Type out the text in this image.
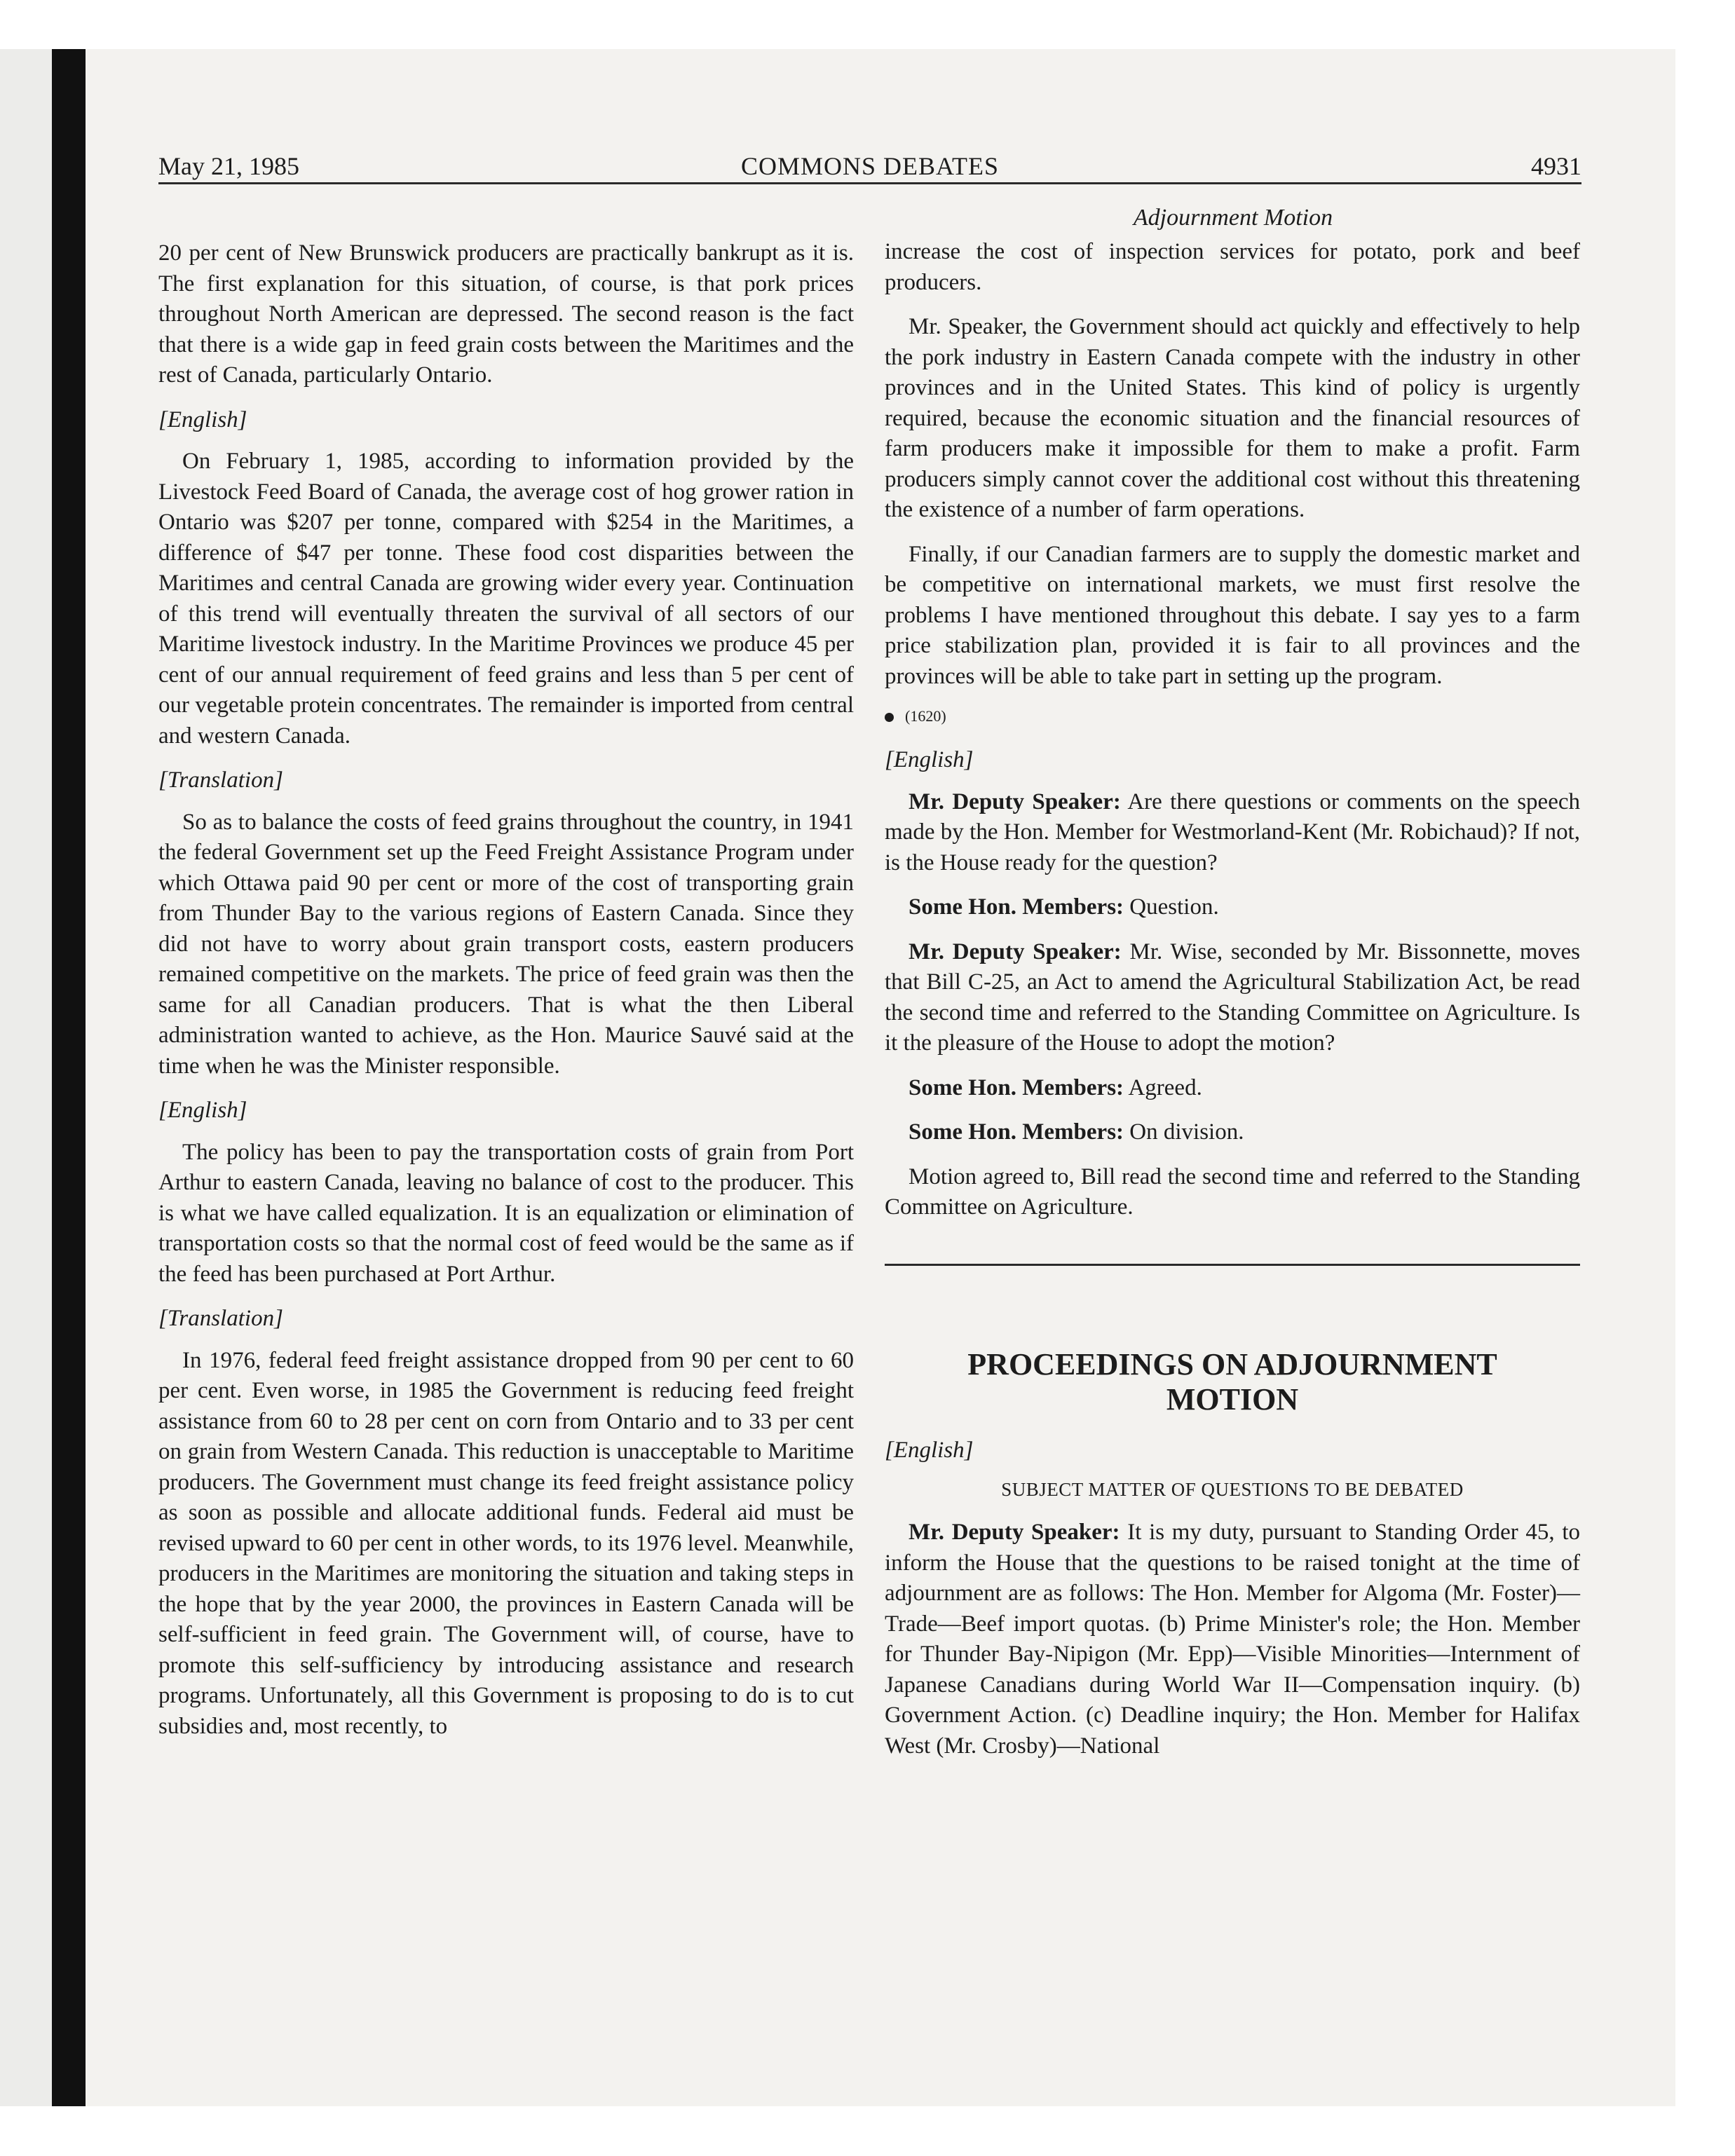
May 21, 1985	COMMONS DEBATES	4931
Adjournment Motion

20 per cent of New Brunswick producers are practically bankrupt as it is. The first explanation for this situation, of course, is that pork prices throughout North American are depressed. The second reason is the fact that there is a wide gap in feed grain costs between the Maritimes and the rest of Canada, particularly Ontario.

[English]

On February 1, 1985, according to information provided by the Livestock Feed Board of Canada, the average cost of hog grower ration in Ontario was $207 per tonne, compared with $254 in the Maritimes, a difference of $47 per tonne. These food cost disparities between the Maritimes and central Canada are growing wider every year. Continuation of this trend will eventually threaten the survival of all sectors of our Maritime livestock industry. In the Maritime Provinces we produce 45 per cent of our annual requirement of feed grains and less than 5 per cent of our vegetable protein concentrates. The remainder is imported from central and western Canada.

[Translation]

So as to balance the costs of feed grains throughout the country, in 1941 the federal Government set up the Feed Freight Assistance Program under which Ottawa paid 90 per cent or more of the cost of transporting grain from Thunder Bay to the various regions of Eastern Canada. Since they did not have to worry about grain transport costs, eastern producers remained competitive on the markets. The price of feed grain was then the same for all Canadian producers. That is what the then Liberal administration wanted to achieve, as the Hon. Maurice Sauvé said at the time when he was the Minister responsible.

[English]

The policy has been to pay the transportation costs of grain from Port Arthur to eastern Canada, leaving no balance of cost to the producer. This is what we have called equalization. It is an equalization or elimination of transportation costs so that the normal cost of feed would be the same as if the feed has been purchased at Port Arthur.

[Translation]

In 1976, federal feed freight assistance dropped from 90 per cent to 60 per cent. Even worse, in 1985 the Government is reducing feed freight assistance from 60 to 28 per cent on corn from Ontario and to 33 per cent on grain from Western Canada. This reduction is unacceptable to Maritime producers. The Government must change its feed freight assistance policy as soon as possible and allocate additional funds. Federal aid must be revised upward to 60 per cent in other words, to its 1976 level. Meanwhile, producers in the Maritimes are monitoring the situation and taking steps in the hope that by the year 2000, the provinces in Eastern Canada will be self-sufficient in feed grain. The Government will, of course, have to promote this self-sufficiency by introducing assistance and research programs. Unfortunately, all this Government is proposing to do is to cut subsidies and, most recently, to

increase the cost of inspection services for potato, pork and beef producers.

Mr. Speaker, the Government should act quickly and effectively to help the pork industry in Eastern Canada compete with the industry in other provinces and in the United States. This kind of policy is urgently required, because the economic situation and the financial resources of farm producers make it impossible for them to make a profit. Farm producers simply cannot cover the additional cost without this threatening the existence of a number of farm operations.

Finally, if our Canadian farmers are to supply the domestic market and be competitive on international markets, we must first resolve the problems I have mentioned throughout this debate. I say yes to a farm price stabilization plan, provided it is fair to all provinces and the provinces will be able to take part in setting up the program.

(1620)

[English]

Mr. Deputy Speaker: Are there questions or comments on the speech made by the Hon. Member for Westmorland-Kent (Mr. Robichaud)? If not, is the House ready for the question?

Some Hon. Members: Question.

Mr. Deputy Speaker: Mr. Wise, seconded by Mr. Bissonnette, moves that Bill C-25, an Act to amend the Agricultural Stabilization Act, be read the second time and referred to the Standing Committee on Agriculture. Is it the pleasure of the House to adopt the motion?

Some Hon. Members: Agreed.

Some Hon. Members: On division.

Motion agreed to, Bill read the second time and referred to the Standing Committee on Agriculture.

PROCEEDINGS ON ADJOURNMENT
MOTION

[English]

SUBJECT MATTER OF QUESTIONS TO BE DEBATED

Mr. Deputy Speaker: It is my duty, pursuant to Standing Order 45, to inform the House that the questions to be raised tonight at the time of adjournment are as follows: The Hon. Member for Algoma (Mr. Foster)—Trade—Beef import quotas. (b) Prime Minister's role; the Hon. Member for Thunder Bay-Nipigon (Mr. Epp)—Visible Minorities—Internment of Japanese Canadians during World War II—Compensation inquiry. (b) Government Action. (c) Deadline inquiry; the Hon. Member for Halifax West (Mr. Crosby)—National
